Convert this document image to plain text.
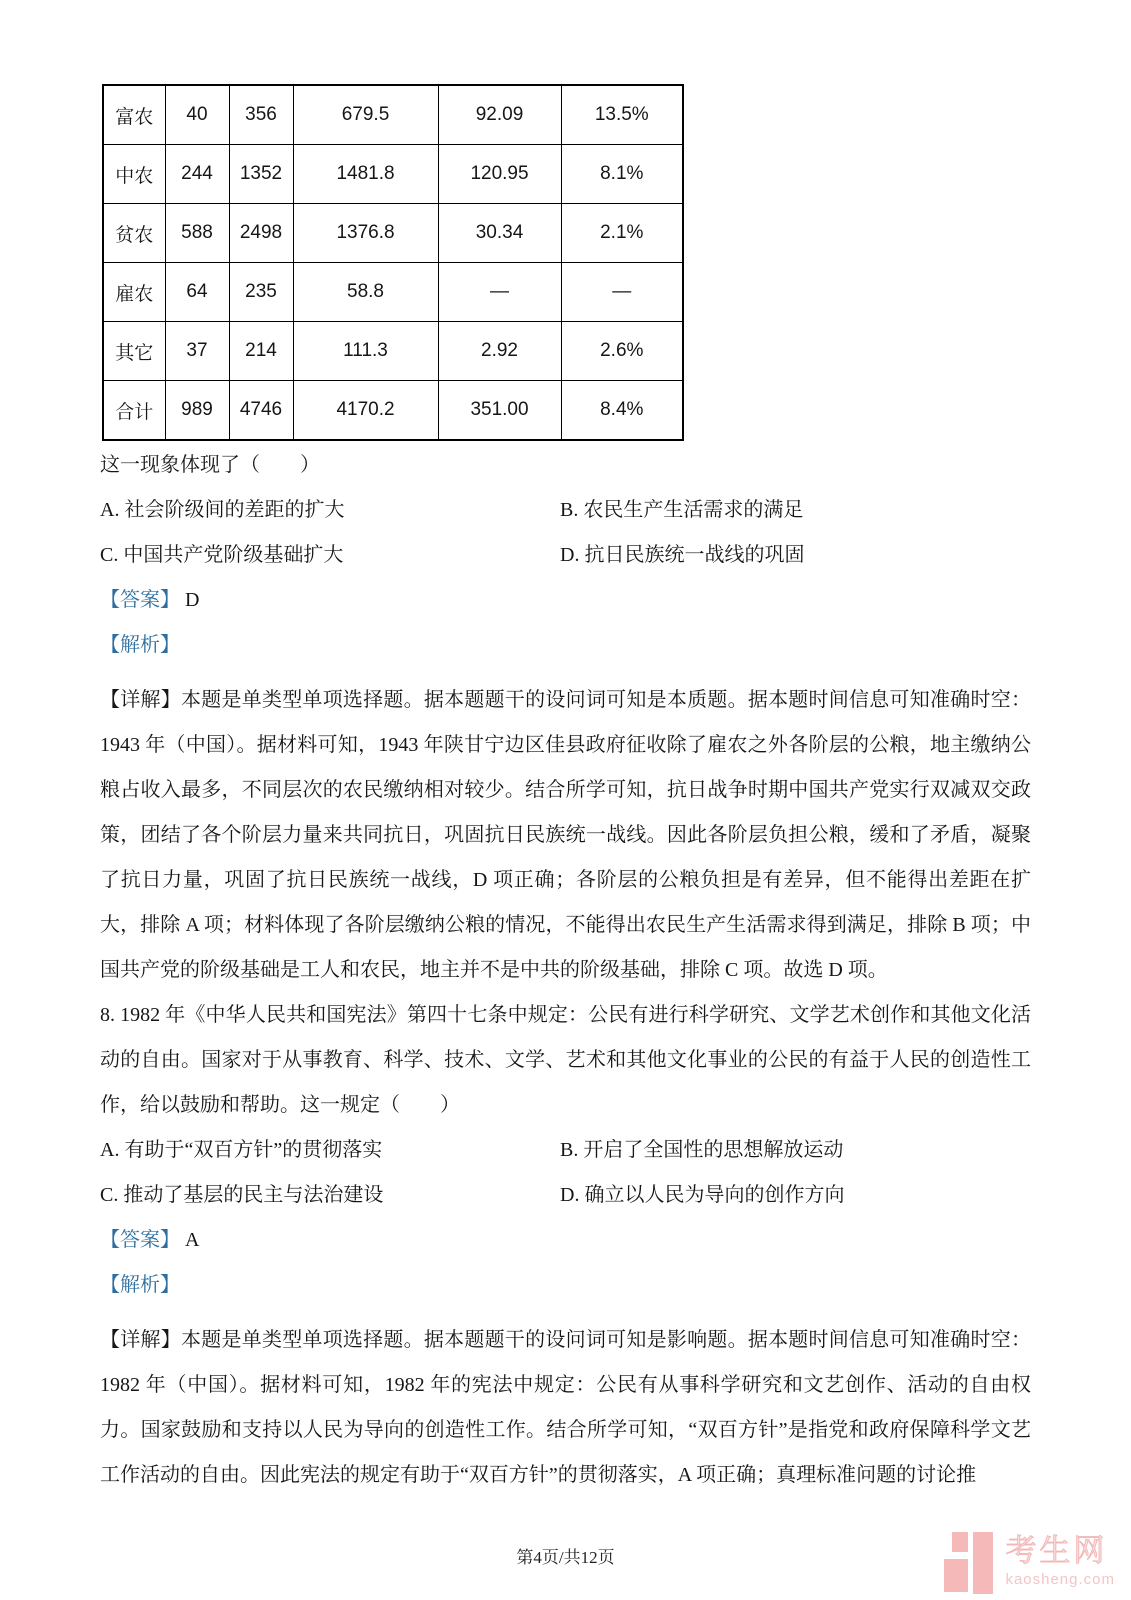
富农	40	356	679.5	92.09	13.5%
中农	244	1352	1481.8	120.95	8.1%
贫农	588	2498	1376.8	30.34	2.1%
雇农	64	235	58.8	—	—
其它	37	214	111.3	2.92	2.6%
合计	989	4746	4170.2	351.00	8.4%
这一现象体现了（　　）
A. 社会阶级间的差距的扩大	B. 农民生产生活需求的满足
C. 中国共产党阶级基础扩大	D. 抗日民族统一战线的巩固
【答案】 D
【解析】

【详解】本题是单类型单项选择题。据本题题干的设问词可知是本质题。据本题时间信息可知准确时空：1943 年（中国）。据材料可知，1943 年陕甘宁边区佳县政府征收除了雇农之外各阶层的公粮，地主缴纳公粮占收入最多，不同层次的农民缴纳相对较少。结合所学可知，抗日战争时期中国共产党实行双减双交政策，团结了各个阶层力量来共同抗日，巩固抗日民族统一战线。因此各阶层负担公粮，缓和了矛盾，凝聚了抗日力量，巩固了抗日民族统一战线，D 项正确；各阶层的公粮负担是有差异，但不能得出差距在扩大，排除 A 项；材料体现了各阶层缴纳公粮的情况，不能得出农民生产生活需求得到满足，排除 B 项；中国共产党的阶级基础是工人和农民，地主并不是中共的阶级基础，排除 C 项。故选 D 项。

8. 1982 年《中华人民共和国宪法》第四十七条中规定：公民有进行科学研究、文学艺术创作和其他文化活动的自由。国家对于从事教育、科学、技术、文学、艺术和其他文化事业的公民的有益于人民的创造性工作，给以鼓励和帮助。这一规定（　　）

A. 有助于“双百方针”的贯彻落实	B. 开启了全国性的思想解放运动
C. 推动了基层的民主与法治建设	D. 确立以人民为导向的创作方向
【答案】 A
【解析】

【详解】本题是单类型单项选择题。据本题题干的设问词可知是影响题。据本题时间信息可知准确时空：1982 年（中国）。据材料可知，1982 年的宪法中规定：公民有从事科学研究和文艺创作、活动的自由权力。国家鼓励和支持以人民为导向的创造性工作。结合所学可知，“双百方针”是指党和政府保障科学文艺工作活动的自由。因此宪法的规定有助于“双百方针”的贯彻落实，A 项正确；真理标准问题的讨论推

第4页/共12页	考生网
kaosheng.com
